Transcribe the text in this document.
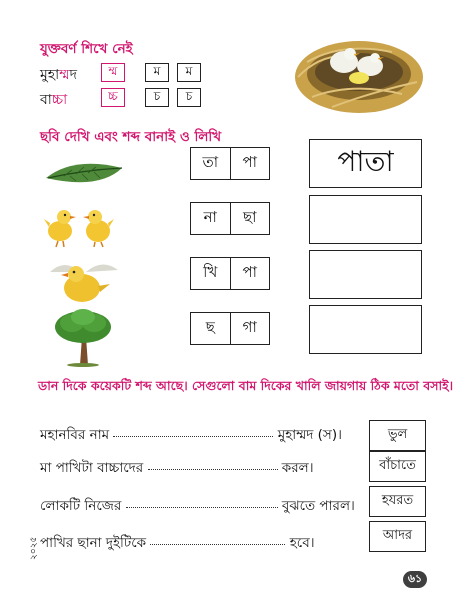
যুক্তবর্ণ শিখে নেই
মুহাম্মদ	ম্ম	ম	ম
বাচ্চা	চ্চ	চ	চ
ছবি দেখি এবং শব্দ বানাই ও লিখি
তা	পা	পাতা
না	ছা
খি	পা
ছ	গা
ডান দিকে কয়েকটি শব্দ আছে। সেগুলো বাম দিকের খালি জায়গায় ঠিক মতো বসাই।
মহানবির নাম	মুহাম্মদ (স)।
মা পাখিটা বাচ্চাদের	করল।
লোকটি নিজের	বুঝতে পারল।
পাখির ছানা দুইটিকে	হবে।
ভুল
বাঁচাতে
হযরত
আদর
২০২৫
৬১
